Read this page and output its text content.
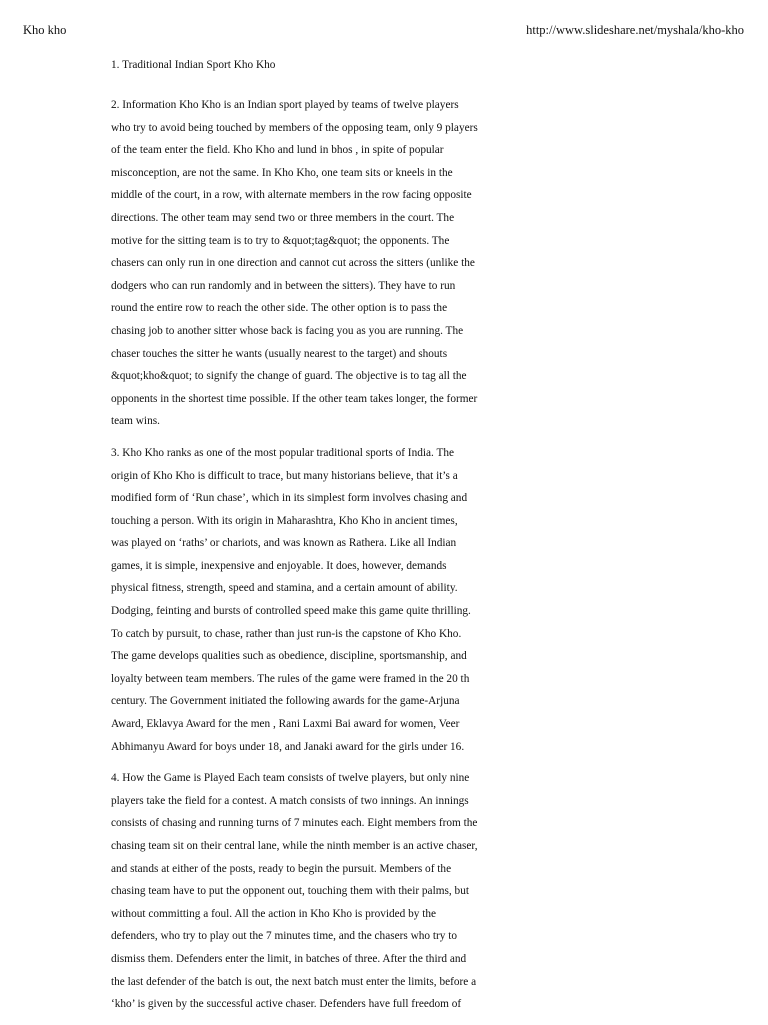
Kho kho	http://www.slideshare.net/myshala/kho-kho

1. Traditional Indian Sport Kho Kho

2. Information Kho Kho is an Indian sport played by teams of twelve players who try to avoid being touched by members of the opposing team, only 9 players of the team enter the field. Kho Kho and lund in bhos , in spite of popular misconception, are not the same. In Kho Kho, one team sits or kneels in the middle of the court, in a row, with alternate members in the row facing opposite directions. The other team may send two or three members in the court. The motive for the sitting team is to try to &quot;tag&quot; the opponents. The chasers can only run in one direction and cannot cut across the sitters (unlike the dodgers who can run randomly and in between the sitters). They have to run round the entire row to reach the other side. The other option is to pass the chasing job to another sitter whose back is facing you as you are running. The chaser touches the sitter he wants (usually nearest to the target) and shouts &quot;kho&quot; to signify the change of guard. The objective is to tag all the opponents in the shortest time possible. If the other team takes longer, the former team wins.

3. Kho Kho ranks as one of the most popular traditional sports of India. The origin of Kho Kho is difficult to trace, but many historians believe, that it’s a modified form of ‘Run chase’, which in its simplest form involves chasing and touching a person. With its origin in Maharashtra, Kho Kho in ancient times, was played on ‘raths’ or chariots, and was known as Rathera. Like all Indian games, it is simple, inexpensive and enjoyable. It does, however, demands physical fitness, strength, speed and stamina, and a certain amount of ability. Dodging, feinting and bursts of controlled speed make this game quite thrilling. To catch by pursuit, to chase, rather than just run-is the capstone of Kho Kho. The game develops qualities such as obedience, discipline, sportsmanship, and loyalty between team members. The rules of the game were framed in the 20 th century. The Government initiated the following awards for the game-Arjuna Award, Eklavya Award for the men , Rani Laxmi Bai award for women, Veer Abhimanyu Award for boys under 18, and Janaki award for the girls under 16.

4. How the Game is Played Each team consists of twelve players, but only nine players take the field for a contest. A match consists of two innings. An innings consists of chasing and running turns of 7 minutes each. Eight members from the chasing team sit on their central lane, while the ninth member is an active chaser, and stands at either of the posts, ready to begin the pursuit. Members of the chasing team have to put the opponent out, touching them with their palms, but without committing a foul. All the action in Kho Kho is provided by the defenders, who try to play out the 7 minutes time, and the chasers who try to dismiss them. Defenders enter the limit, in batches of three. After the third and the last defender of the batch is out, the next batch must enter the limits, before a ‘kho’ is given by the successful active chaser. Defenders have full freedom of
